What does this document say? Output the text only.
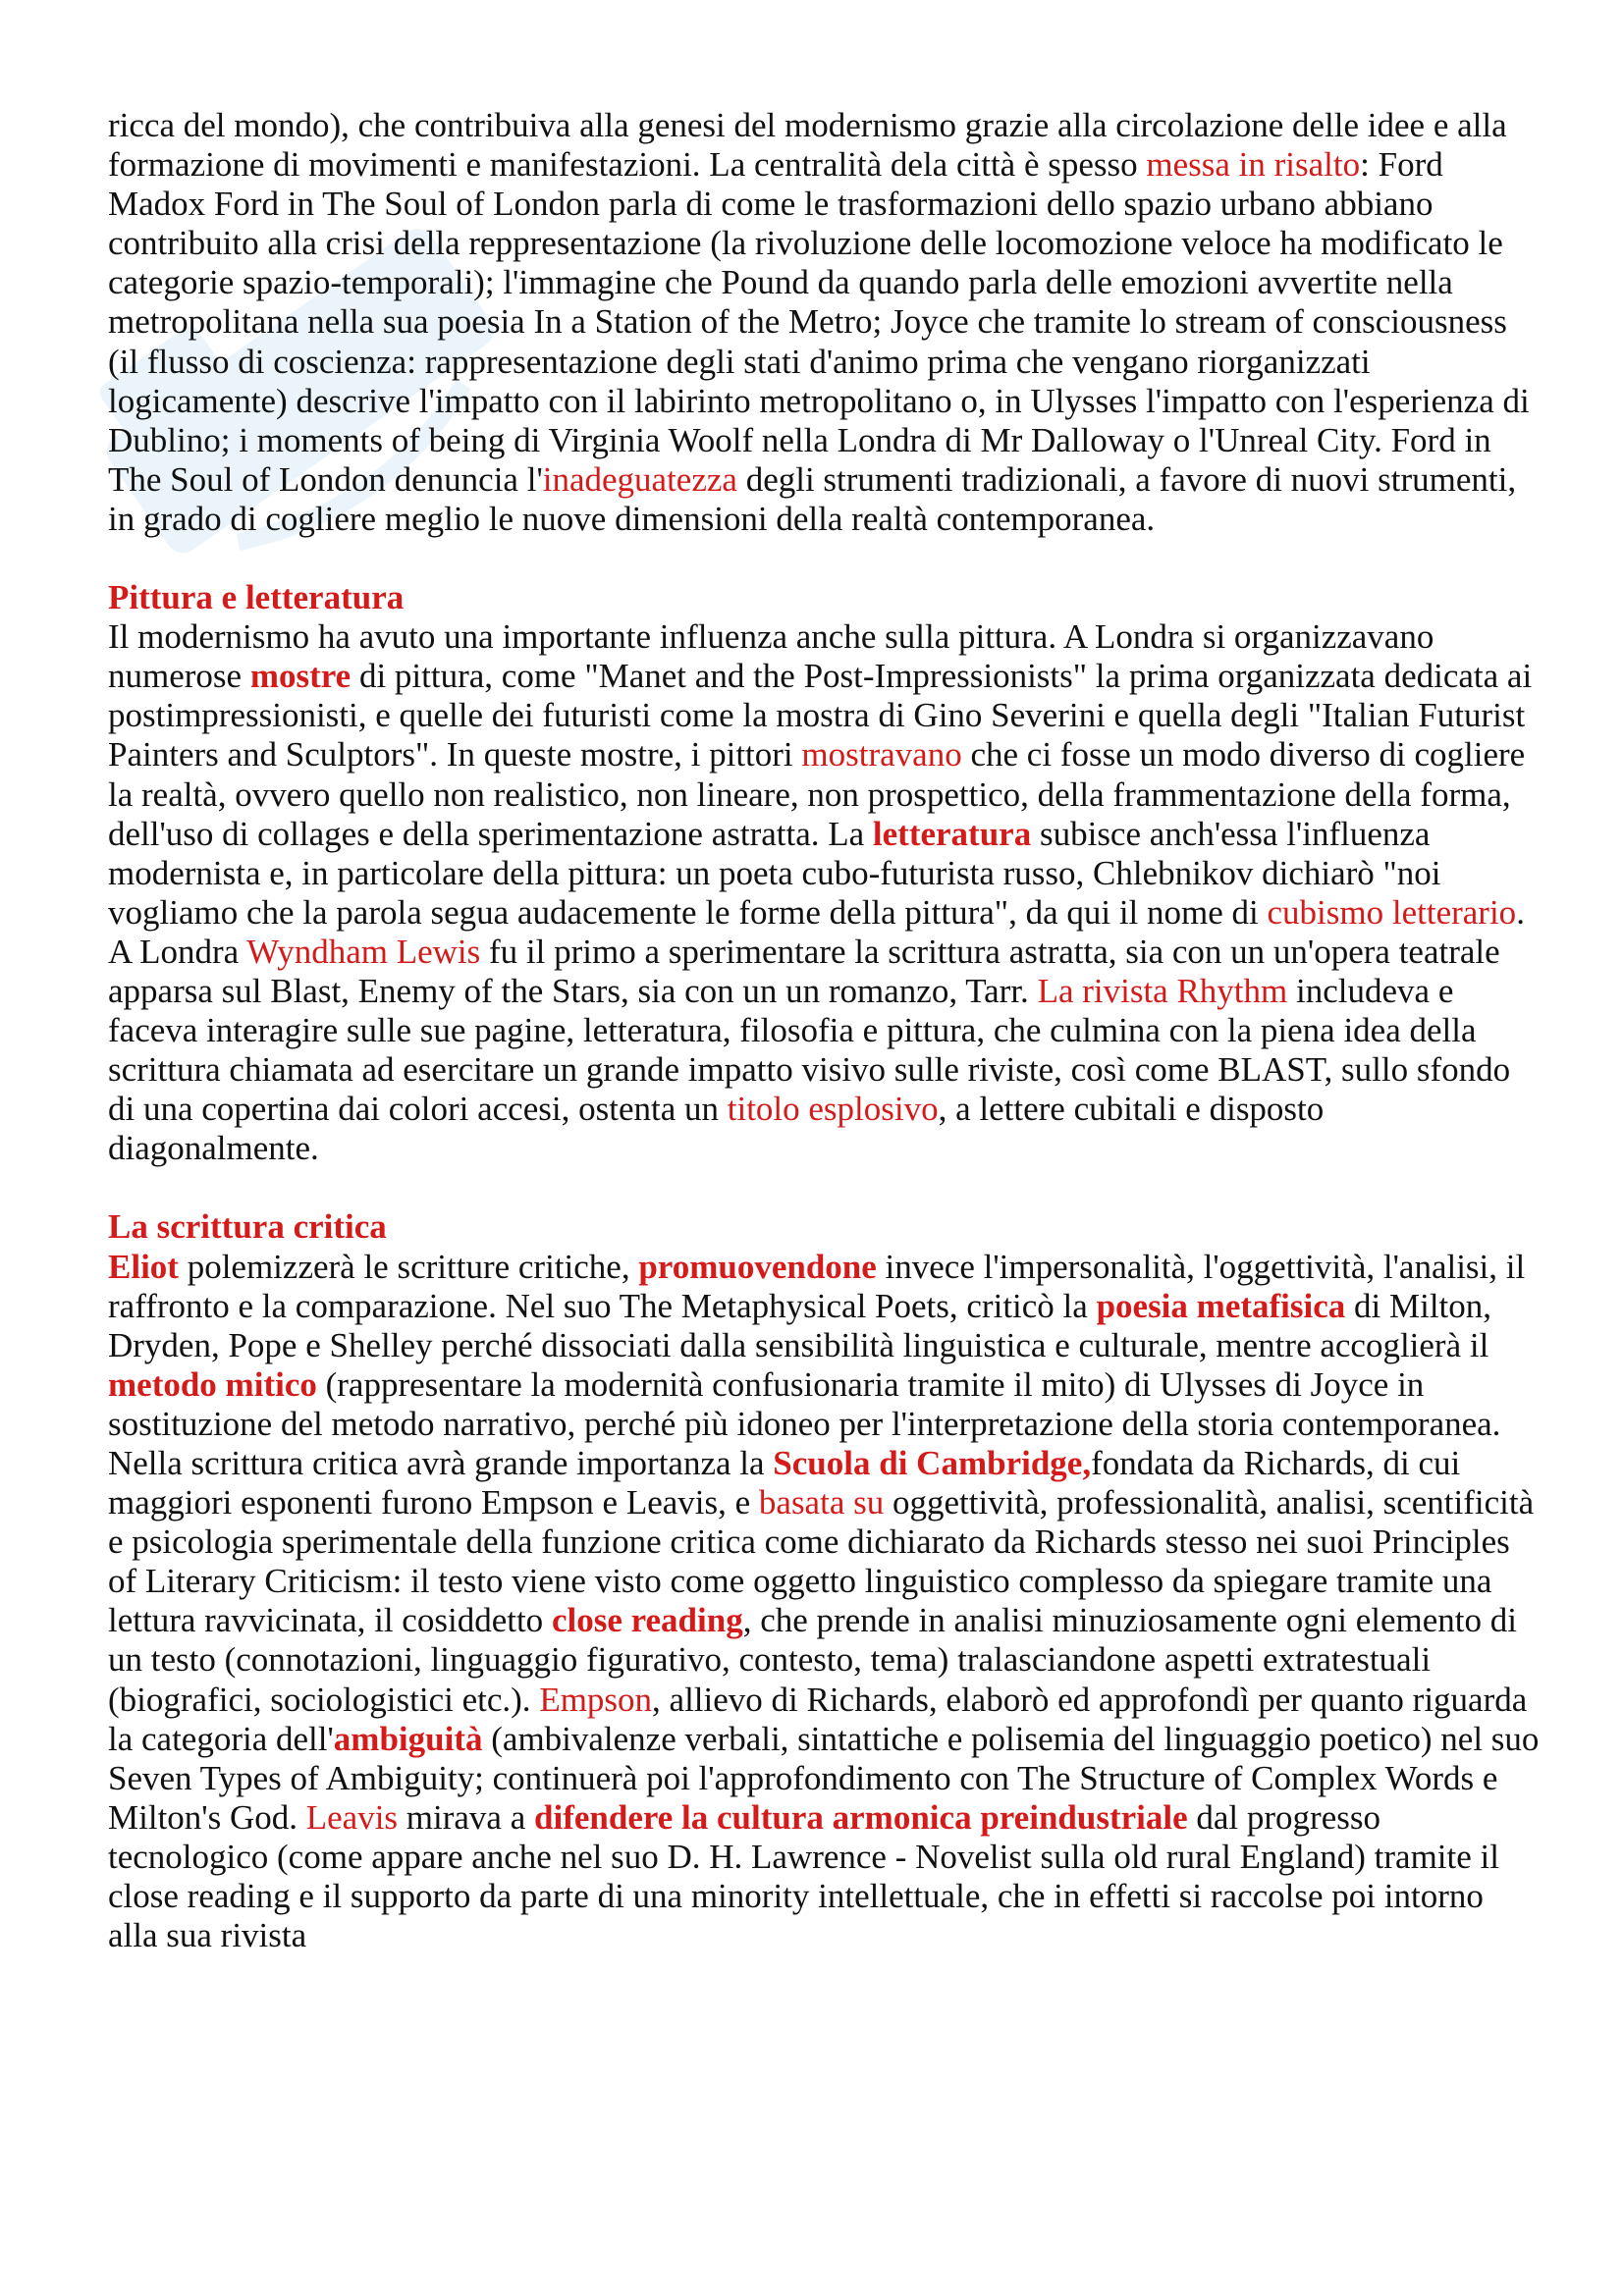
ricca del mondo), che contribuiva alla genesi del modernismo grazie alla circolazione delle idee e alla formazione di movimenti e manifestazioni. La centralità dela città è spesso messa in risalto: Ford Madox Ford in The Soul of London parla di come le trasformazioni dello spazio urbano abbiano contribuito alla crisi della reppresentazione (la rivoluzione delle locomozione veloce ha modificato le categorie spazio-temporali); l'immagine che Pound da quando parla delle emozioni avvertite nella metropolitana nella sua poesia In a Station of the Metro; Joyce che tramite lo stream of consciousness (il flusso di coscienza: rappresentazione degli stati d'animo prima che vengano riorganizzati logicamente) descrive l'impatto con il labirinto metropolitano o, in Ulysses l'impatto con l'esperienza di Dublino; i moments of being di Virginia Woolf nella Londra di Mr Dalloway o l'Unreal City. Ford in The Soul of London denuncia l'inadeguatezza degli strumenti tradizionali, a favore di nuovi strumenti, in grado di cogliere meglio le nuove dimensioni della realtà contemporanea.

Pittura e letteratura

Il modernismo ha avuto una importante influenza anche sulla pittura. A Londra si organizzavano numerose mostre di pittura, come "Manet and the Post-Impressionists" la prima organizzata dedicata ai postimpressionisti, e quelle dei futuristi come la mostra di Gino Severini e quella degli "Italian Futurist Painters and Sculptors". In queste mostre, i pittori mostravano che ci fosse un modo diverso di cogliere la realtà, ovvero quello non realistico, non lineare, non prospettico, della frammentazione della forma, dell'uso di collages e della sperimentazione astratta. La letteratura subisce anch'essa l'influenza modernista e, in particolare della pittura: un poeta cubo-futurista russo, Chlebnikov dichiarò "noi vogliamo che la parola segua audacemente le forme della pittura", da qui il nome di cubismo letterario. A Londra Wyndham Lewis fu il primo a sperimentare la scrittura astratta, sia con un un'opera teatrale apparsa sul Blast, Enemy of the Stars, sia con un un romanzo, Tarr. La rivista Rhythm includeva e faceva interagire sulle sue pagine, letteratura, filosofia e pittura, che culmina con la piena idea della scrittura chiamata ad esercitare un grande impatto visivo sulle riviste, così come BLAST, sullo sfondo di una copertina dai colori accesi, ostenta un titolo esplosivo, a lettere cubitali e disposto diagonalmente.

La scrittura critica

Eliot polemizzerà le scritture critiche, promuovendone invece l'impersonalità, l'oggettività, l'analisi, il raffronto e la comparazione. Nel suo The Metaphysical Poets, criticò la poesia metafisica di Milton, Dryden, Pope e Shelley perché dissociati dalla sensibilità linguistica e culturale, mentre accoglierà il metodo mitico (rappresentare la modernità confusionaria tramite il mito) di Ulysses di Joyce in sostituzione del metodo narrativo, perché più idoneo per l'interpretazione della storia contemporanea. Nella scrittura critica avrà grande importanza la Scuola di Cambridge,fondata da Richards, di cui maggiori esponenti furono Empson e Leavis, e basata su oggettività, professionalità, analisi, scentificità e psicologia sperimentale della funzione critica come dichiarato da Richards stesso nei suoi Principles of Literary Criticism: il testo viene visto come oggetto linguistico complesso da spiegare tramite una lettura ravvicinata, il cosiddetto close reading, che prende in analisi minuziosamente ogni elemento di un testo (connotazioni, linguaggio figurativo, contesto, tema) tralasciandone aspetti extratestuali (biografici, sociologistici etc.). Empson, allievo di Richards, elaborò ed approfondì per quanto riguarda la categoria dell'ambiguità (ambivalenze verbali, sintattiche e polisemia del linguaggio poetico) nel suo Seven Types of Ambiguity; continuerà poi l'approfondimento con The Structure of Complex Words e Milton's God. Leavis mirava a difendere la cultura armonica preindustriale dal progresso tecnologico (come appare anche nel suo D. H. Lawrence - Novelist sulla old rural England) tramite il close reading e il supporto da parte di una minority intellettuale, che in effetti si raccolse poi intorno alla sua rivista
